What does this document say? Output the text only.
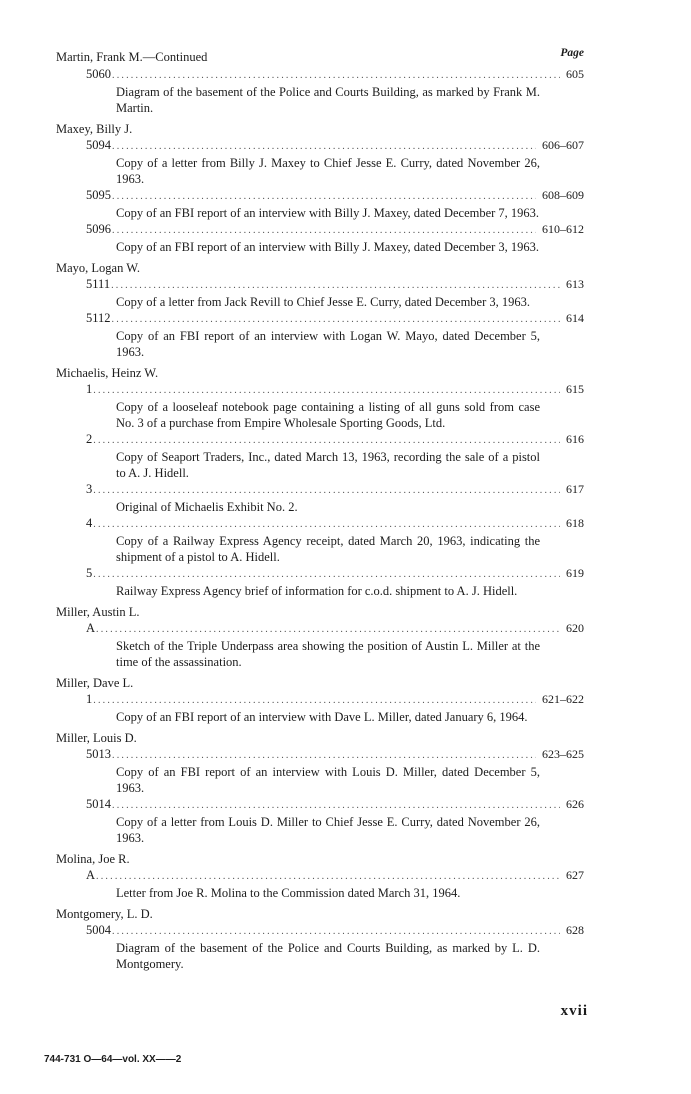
Martin, Frank M.—Continued	Page
5060 .....	605
Diagram of the basement of the Police and Courts Building, as marked by Frank M. Martin.
Maxey, Billy J.
5094 .....	606–607
Copy of a letter from Billy J. Maxey to Chief Jesse E. Curry, dated November 26, 1963.
5095 .....	608–609
Copy of an FBI report of an interview with Billy J. Maxey, dated December 7, 1963.
5096 .....	610–612
Copy of an FBI report of an interview with Billy J. Maxey, dated December 3, 1963.
Mayo, Logan W.
5111 .....	613
Copy of a letter from Jack Revill to Chief Jesse E. Curry, dated December 3, 1963.
5112 .....	614
Copy of an FBI report of an interview with Logan W. Mayo, dated December 5, 1963.
Michaelis, Heinz W.
1 .....	615
Copy of a looseleaf notebook page containing a listing of all guns sold from case No. 3 of a purchase from Empire Wholesale Sporting Goods, Ltd.
2 .....	616
Copy of Seaport Traders, Inc., dated March 13, 1963, recording the sale of a pistol to A. J. Hidell.
3 .....	617
Original of Michaelis Exhibit No. 2.
4 .....	618
Copy of a Railway Express Agency receipt, dated March 20, 1963, indicating the shipment of a pistol to A. Hidell.
5 .....	619
Railway Express Agency brief of information for c.o.d. shipment to A. J. Hidell.
Miller, Austin L.
A .....	620
Sketch of the Triple Underpass area showing the position of Austin L. Miller at the time of the assassination.
Miller, Dave L.
1 .....	621–622
Copy of an FBI report of an interview with Dave L. Miller, dated January 6, 1964.
Miller, Louis D.
5013 .....	623–625
Copy of an FBI report of an interview with Louis D. Miller, dated December 5, 1963.
5014 .....	626
Copy of a letter from Louis D. Miller to Chief Jesse E. Curry, dated November 26, 1963.
Molina, Joe R.
A .....	627
Letter from Joe R. Molina to the Commission dated March 31, 1964.
Montgomery, L. D.
5004 .....	628
Diagram of the basement of the Police and Courts Building, as marked by L. D. Montgomery.
xvii
744-731 O—64—vol. XX——2
